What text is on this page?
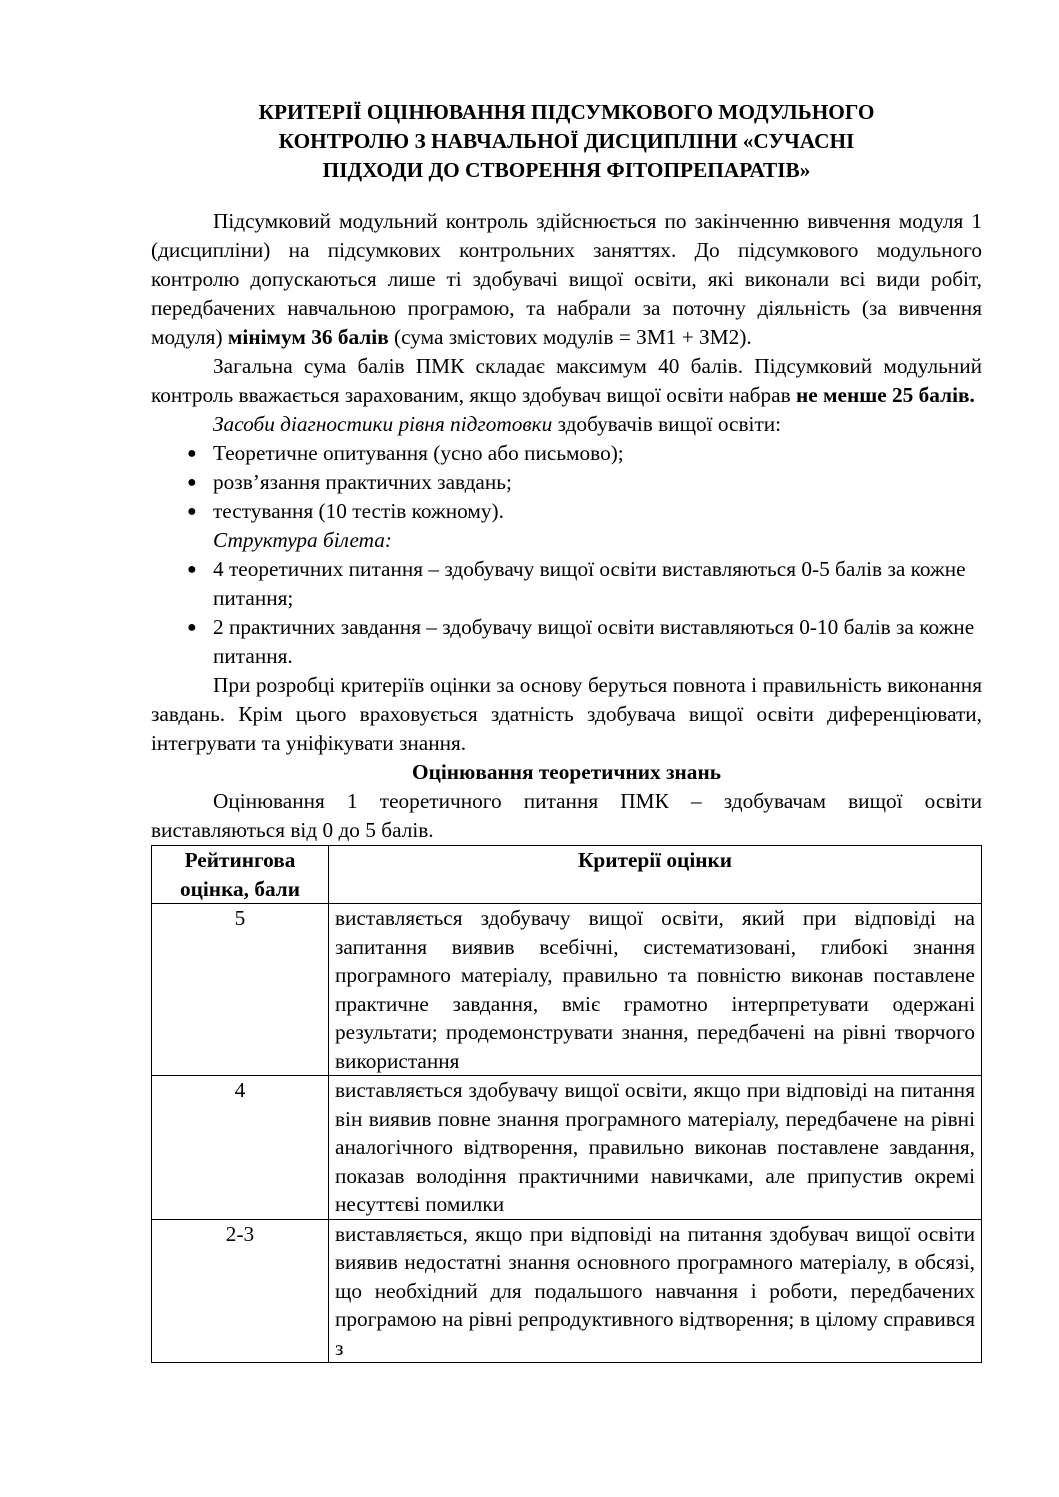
КРИТЕРІЇ ОЦІНЮВАННЯ ПІДСУМКОВОГО МОДУЛЬНОГО
КОНТРОЛЮ З НАВЧАЛЬНОЇ ДИСЦИПЛІНИ «СУЧАСНІ
ПІДХОДИ ДО СТВОРЕННЯ ФІТОПРЕПАРАТІВ»

Підсумковий модульний контроль здійснюється по закінченню вивчення модуля 1 (дисципліни) на підсумкових контрольних заняттях. До підсумкового модульного контролю допускаються лише ті здобувачі вищої освіти, які виконали всі види робіт, передбачених навчальною програмою, та набрали за поточну діяльність (за вивчення модуля) мінімум 36 балів (сума змістових модулів = ЗМ1 + ЗМ2).

Загальна сума балів ПМК складає максимум 40 балів. Підсумковий модульний контроль вважається зарахованим, якщо здобувач вищої освіти набрав не менше 25 балів.

Засоби діагностики рівня підготовки здобувачів вищої освіти:

● Теоретичне опитування (усно або письмово);
● розв’язання практичних завдань;
● тестування (10 тестів кожному).

Структура білета:

● 4 теоретичних питання – здобувачу вищої освіти виставляються 0-5 балів за кожне питання;
● 2 практичних завдання – здобувачу вищої освіти виставляються 0-10 балів за кожне питання.

При розробці критеріїв оцінки за основу беруться повнота і правильність виконання завдань. Крім цього враховується здатність здобувача вищої освіти диференціювати, інтегрувати та уніфікувати знання.

Оцінювання теоретичних знань

Оцінювання 1 теоретичного питання ПМК – здобувачам вищої освіти виставляються від 0 до 5 балів.

Рейтингова оцінка, бали	Критерії оцінки
5	виставляється здобувачу вищої освіти, який при відповіді на запитання виявив всебічні, систематизовані, глибокі знання програмного матеріалу, правильно та повністю виконав поставлене практичне завдання, вміє грамотно інтерпретувати одержані результати; продемонструвати знання, передбачені на рівні творчого використання
4	виставляється здобувачу вищої освіти, якщо при відповіді на питання він виявив повне знання програмного матеріалу, передбачене на рівні аналогічного відтворення, правильно виконав поставлене завдання, показав володіння практичними навичками, але припустив окремі несуттєві помилки
2-3	виставляється, якщо при відповіді на питання здобувач вищої освіти виявив недостатні знання основного програмного матеріалу, в обсязі, що необхідний для подальшого навчання і роботи, передбачених програмою на рівні репродуктивного відтворення; в цілому справився з
